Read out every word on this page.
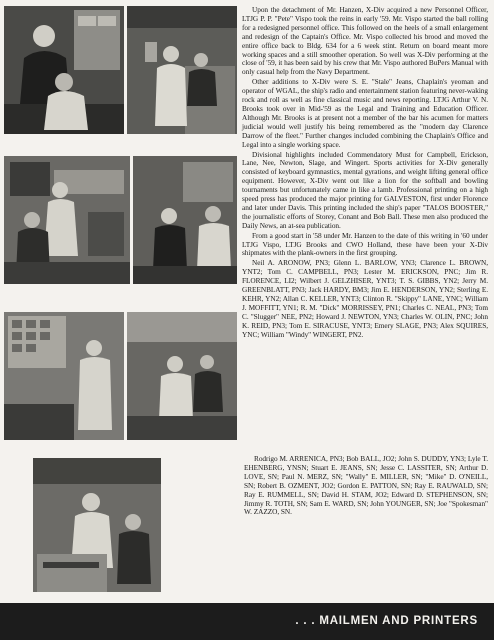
Upon the detachment of Mr. Hanzen, X-Div acquired a new Personnel Officer, LTJG P. P. "Pete" Vispo took the reins in early '59. Mr. Vispo started the ball rolling for a redesigned personnel office. This followed on the heels of a small enlargement and redesign of the Captain's Office. Mr. Vispo collected his brood and moved the entire office back to Bldg. 634 for a 6 week stint. Return on board meant more working spaces and a still smoother operation. So well was X-Div performing at the close of '59, it has been said by his crew that Mr. Vispo authored BuPers Manual with only casual help from the Navy Department.

Other additions to X-Div were S. E. "Stale" Jeans, Chaplain's yeoman and operator of WGAL, the ship's radio and entertainment station featuring never-waking rock and roll as well as fine classical music and news reporting. LTJG Arthur V. N. Brooks took over in Mid-'59 as the Legal and Training and Education Officer. Although Mr. Brooks is at present not a member of the bar his acumen for matters judicial would well justify his being remembered as the "modern day Clarence Darrow of the fleet." Further changes included combining the Chaplain's Office and Legal into a single working space.

Divisional highlights included Commendatory Must for Campbell, Erickson, Lane, Nee, Newton, Slage, and Wingert. Sports activities for X-Div generally consisted of keyboard gymnastics, mental gyrations, and weight lifting general office equipment. However, X-Div went out like a lion for the softball and bowling tournaments but unfortunately came in like a lamb. Professional printing on a high speed press has produced the major printing for GALVESTON, first under Florence and later under Davis. This printing included the ship's paper "TALOS BOOSTER," the journalistic efforts of Storey, Conant and Bob Ball. These men also produced the Daily News, an at-sea publication.

From a good start in '58 under Mr. Hanzen to the date of this writing in '60 under LTJG Vispo, LTJG Brooks and CWO Holland, these have been your X-Div shipmates with the plank-owners in the first grouping.

Neil A. ARONOW, PN3; Glenn L. BARLOW, YN3; Clarence L. BROWN, YNT2; Tom C. CAMPBELL, PN3; Lester M. ERICKSON, PNC; Jim R. FLORENCE, LI2; Wilbert J. GELZHISER, YNT3; T. S. GIBBS, YN2; Jerry M. GREENBLATT, PN3; Jack HARDY, BM3; Jim E. HENDERSON, YN2; Sterling E. KEHR, YN2; Allan C. KELLER, YNT3; Clinton R. "Skippy" LANE, YNC; William J. MOFFITT, YN1; R. M. "Dick" MORRISSEY, PN1; Charles C. NEAL, PN3; Tom C. "Slugger" NEE, PN2; Howard J. NEWTON, YN3; Charles W. OLIN, PNC; John K. REID, PN3; Tom E. SIRACUSE, YNT3; Emery SLAGE, PN3; Alex SQUIRES, YNC; William "Windy" WINGERT, PN2.

Rodrigo M. ARRENICA, PN3; Bob BALL, JO2; John S. DUDDY, YN3; Lyle T. EHENBERG, YNSN; Stuart E. JEANS, SN; Jesse C. LASSITER, SN; Arthur D. LOVE, SN; Paul N. MERZ, SN; "Wally" E. MILLER, SN; "Mike" D. O'NEILL, SN; Robert B. OZMENT, JO2; Gordon E. PATTON, SN; Ray E. RAUWALD, SN; Ray E. RUMMELL, SN; David H. STAM, JO2; Edward D. STEPHENSON, SN; Jimmy R. TOTH, SN; Sam E. WARD, SN; John YOUNGER, SN; Joe "Spokesman" W. ZAZZO, SN.

. . . MAILMEN AND PRINTERS
